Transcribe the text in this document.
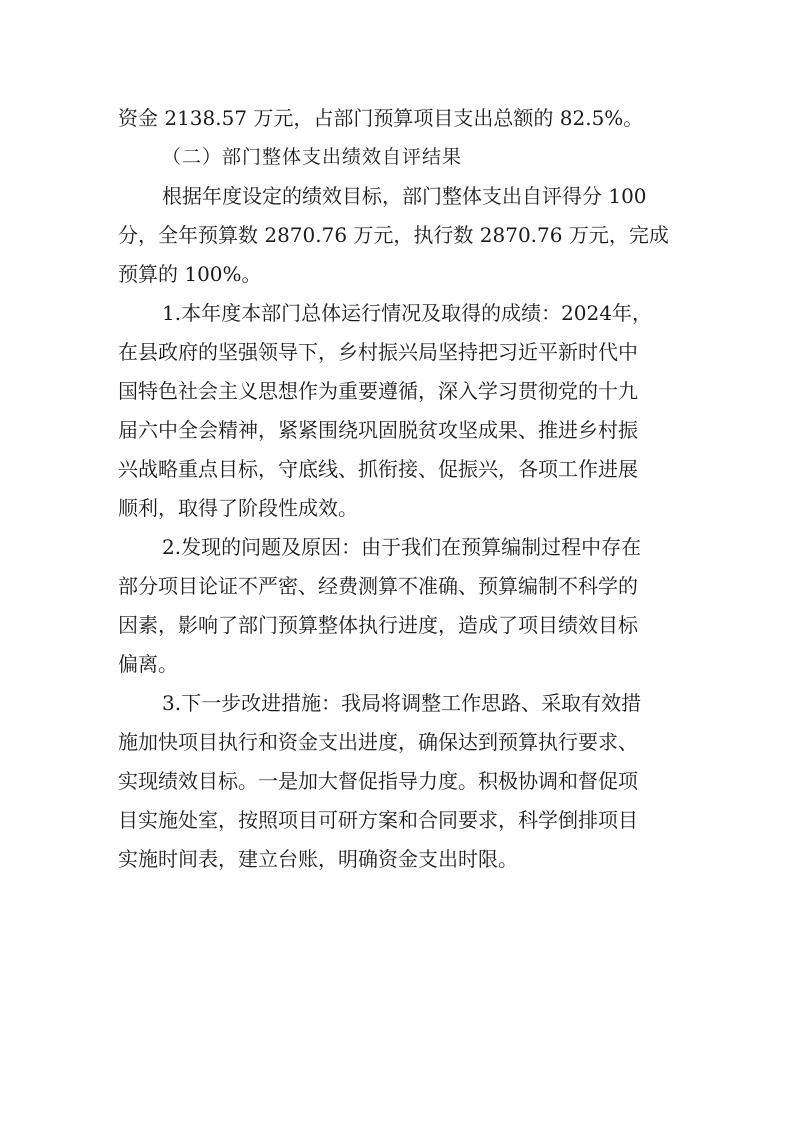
资金 2138.57 万元，占部门预算项目支出总额的 82.5%。
（二）部门整体支出绩效自评结果
根据年度设定的绩效目标，部门整体支出自评得分 100
分，全年预算数 2870.76 万元，执行数 2870.76 万元，完成
预算的 100%。
1.本年度本部门总体运行情况及取得的成绩：2024年，
在县政府的坚强领导下，乡村振兴局坚持把习近平新时代中
国特色社会主义思想作为重要遵循，深入学习贯彻党的十九
届六中全会精神，紧紧围绕巩固脱贫攻坚成果、推进乡村振
兴战略重点目标，守底线、抓衔接、促振兴，各项工作进展
顺利，取得了阶段性成效。
2.发现的问题及原因：由于我们在预算编制过程中存在
部分项目论证不严密、经费测算不准确、预算编制不科学的
因素，影响了部门预算整体执行进度，造成了项目绩效目标
偏离。
3.下一步改进措施：我局将调整工作思路、采取有效措
施加快项目执行和资金支出进度，确保达到预算执行要求、
实现绩效目标。一是加大督促指导力度。积极协调和督促项
目实施处室，按照项目可研方案和合同要求，科学倒排项目
实施时间表，建立台账，明确资金支出时限。
